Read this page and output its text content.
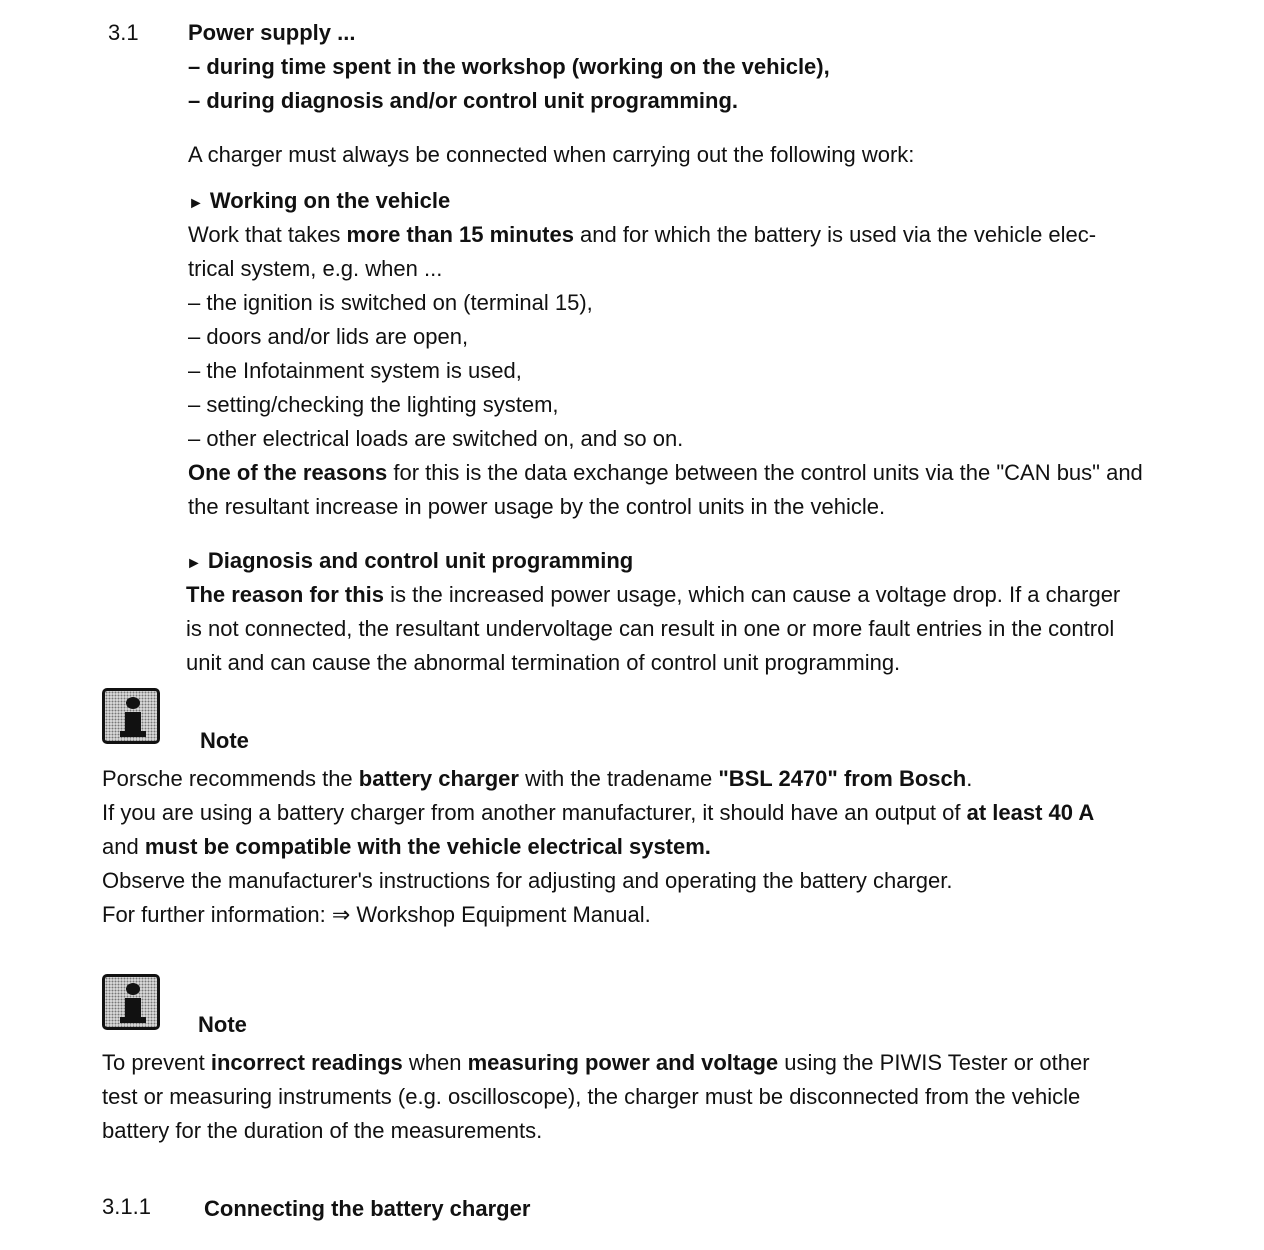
3.1 Power supply ...
– during time spent in the workshop (working on the vehicle),
– during diagnosis and/or control unit programming.
A charger must always be connected when carrying out the following work:
► Working on the vehicle
Work that takes more than 15 minutes and for which the battery is used via the vehicle elec-
trical system, e.g. when ...
– the ignition is switched on (terminal 15),
– doors and/or lids are open,
– the Infotainment system is used,
– setting/checking the lighting system,
– other electrical loads are switched on, and so on.
One of the reasons for this is the data exchange between the control units via the "CAN bus" and
the resultant increase in power usage by the control units in the vehicle.
► Diagnosis and control unit programming
The reason for this is the increased power usage, which can cause a voltage drop. If a charger
is not connected, the resultant undervoltage can result in one or more fault entries in the control
unit and can cause the abnormal termination of control unit programming.
Note
Porsche recommends the battery charger with the tradename "BSL 2470" from Bosch.
If you are using a battery charger from another manufacturer, it should have an output of at least 40 A
and must be compatible with the vehicle electrical system.
Observe the manufacturer's instructions for adjusting and operating the battery charger.
For further information: ⇒ Workshop Equipment Manual.
Note
To prevent incorrect readings when measuring power and voltage using the PIWIS Tester or other
test or measuring instruments (e.g. oscilloscope), the charger must be disconnected from the vehicle
battery for the duration of the measurements.
3.1.1 Connecting the battery charger
